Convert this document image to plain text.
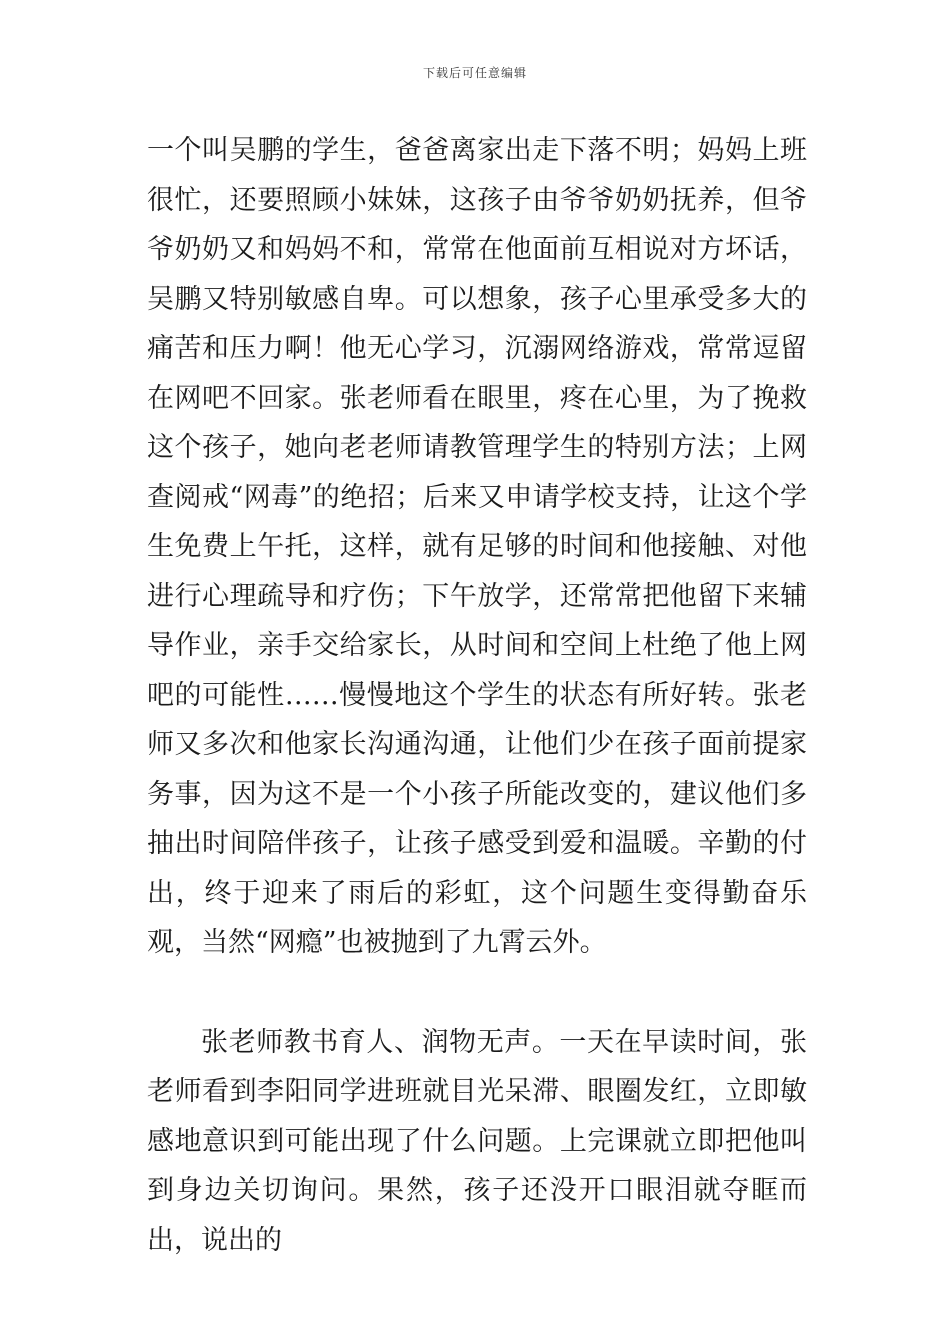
下载后可任意编辑

一个叫吴鹏的学生，爸爸离家出走下落不明；妈妈上班很忙，还要照顾小妹妹，这孩子由爷爷奶奶抚养，但爷爷奶奶又和妈妈不和，常常在他面前互相说对方坏话，吴鹏又特别敏感自卑。可以想象，孩子心里承受多大的痛苦和压力啊！他无心学习，沉溺网络游戏，常常逗留在网吧不回家。张老师看在眼里，疼在心里，为了挽救这个孩子，她向老老师请教管理学生的特别方法；上网查阅戒“网毒”的绝招；后来又申请学校支持，让这个学生免费上午托，这样，就有足够的时间和他接触、对他进行心理疏导和疗伤；下午放学，还常常把他留下来辅导作业，亲手交给家长，从时间和空间上杜绝了他上网吧的可能性……慢慢地这个学生的状态有所好转。张老师又多次和他家长沟通沟通，让他们少在孩子面前提家务事，因为这不是一个小孩子所能改变的，建议他们多抽出时间陪伴孩子，让孩子感受到爱和温暖。辛勤的付出，终于迎来了雨后的彩虹，这个问题生变得勤奋乐观，当然“网瘾”也被抛到了九霄云外。

张老师教书育人、润物无声。一天在早读时间，张老师看到李阳同学进班就目光呆滞、眼圈发红，立即敏感地意识到可能出现了什么问题。上完课就立即把他叫到身边关切询问。果然，孩子还没开口眼泪就夺眶而出，说出的
